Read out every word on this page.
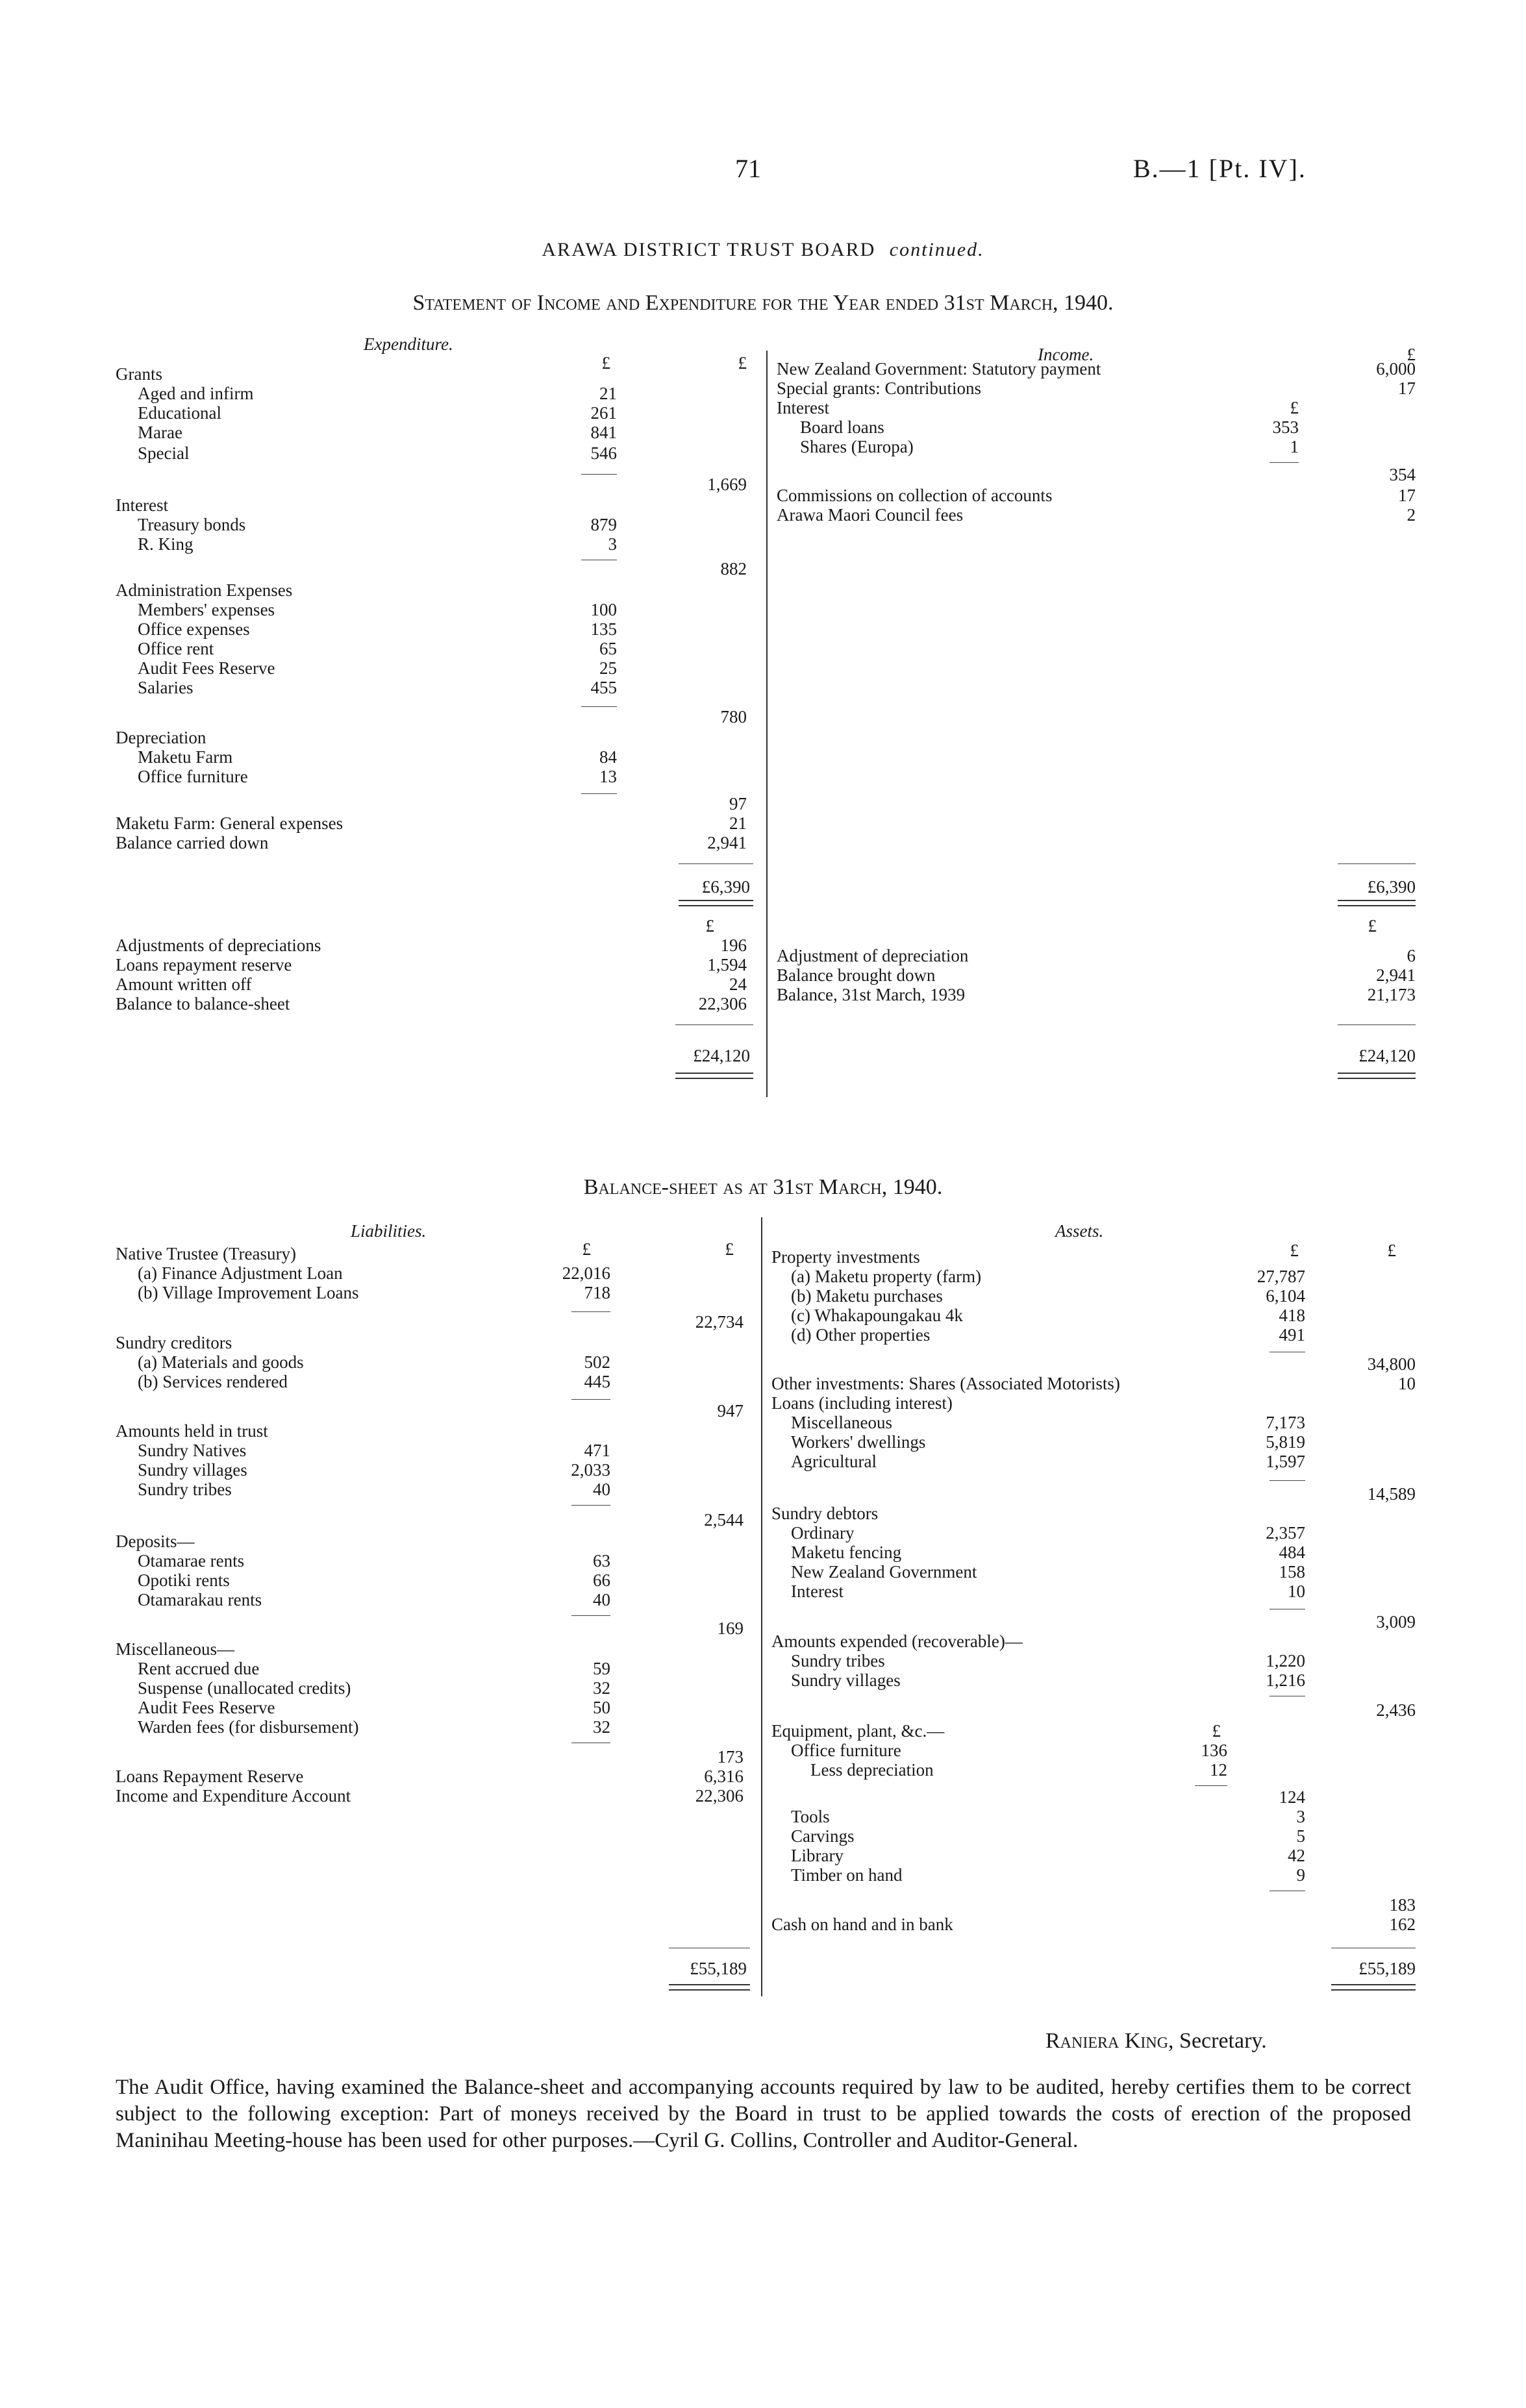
71	B.—1 [Pt. IV].
ARAWA DISTRICT TRUST BOARD continued.
Statement of Income and Expenditure for the Year ended 31st March, 1940.
Expenditure.
Income.
£	£	£
Grants
Aged and infirm	21
Educational	261
Marae	841
Special	546
1,669
Interest
Treasury bonds	879
R. King	3
882
Administration Expenses
Members' expenses	100
Office expenses	135
Office rent	65
Audit Fees Reserve	25
Salaries	455
780
Depreciation
Maketu Farm	84
Office furniture	13
97
Maketu Farm: General expenses	21
Balance carried down	2,941
£6,390
New Zealand Government: Statutory payment	6,000
Special grants: Contributions	17
Interest	£
Board loans	353
Shares (Europa)	1
354
Commissions on collection of accounts	17
Arawa Maori Council fees	2
£6,390
£	£
Adjustments of depreciations	196
Loans repayment reserve	1,594
Amount written off	24
Balance to balance-sheet	22,306
£24,120
Adjustment of depreciation	6
Balance brought down	2,941
Balance, 31st March, 1939	21,173
£24,120
Balance-sheet as at 31st March, 1940.
Liabilities.	Assets.
£	£	£	£
Native Trustee (Treasury)
(a) Finance Adjustment Loan	22,016
(b) Village Improvement Loans	718
22,734
Sundry creditors
(a) Materials and goods	502
(b) Services rendered	445
947
Amounts held in trust
Sundry Natives	471
Sundry villages	2,033
Sundry tribes	40
2,544
Deposits—
Otamarae rents	63
Opotiki rents	66
Otamarakau rents	40
169
Miscellaneous—
Rent accrued due	59
Suspense (unallocated credits)	32
Audit Fees Reserve	50
Warden fees (for disbursement)	32
173
Loans Repayment Reserve	6,316
Income and Expenditure Account	22,306
£55,189
Property investments
(a) Maketu property (farm)	27,787
(b) Maketu purchases	6,104
(c) Whakapoungakau 4k	418
(d) Other properties	491
34,800
Other investments: Shares (Associated Motorists)	10
Loans (including interest)
Miscellaneous	7,173
Workers' dwellings	5,819
Agricultural	1,597
14,589
Sundry debtors
Ordinary	2,357
Maketu fencing	484
New Zealand Government	158
Interest	10
3,009
Amounts expended (recoverable)—
Sundry tribes	1,220
Sundry villages	1,216
2,436
Equipment, plant, &c.—	£
Office furniture	136
Less depreciation	12
124
Tools	3
Carvings	5
Library	42
Timber on hand	9
183
Cash on hand and in bank	162
£55,189
Raniera King, Secretary.
The Audit Office, having examined the Balance-sheet and accompanying accounts required by law to be audited, hereby certifies them to be correct subject to the following exception: Part of moneys received by the Board in trust to be applied towards the costs of erection of the proposed Maninihau Meeting-house has been used for other purposes.—Cyril G. Collins, Controller and Auditor-General.
